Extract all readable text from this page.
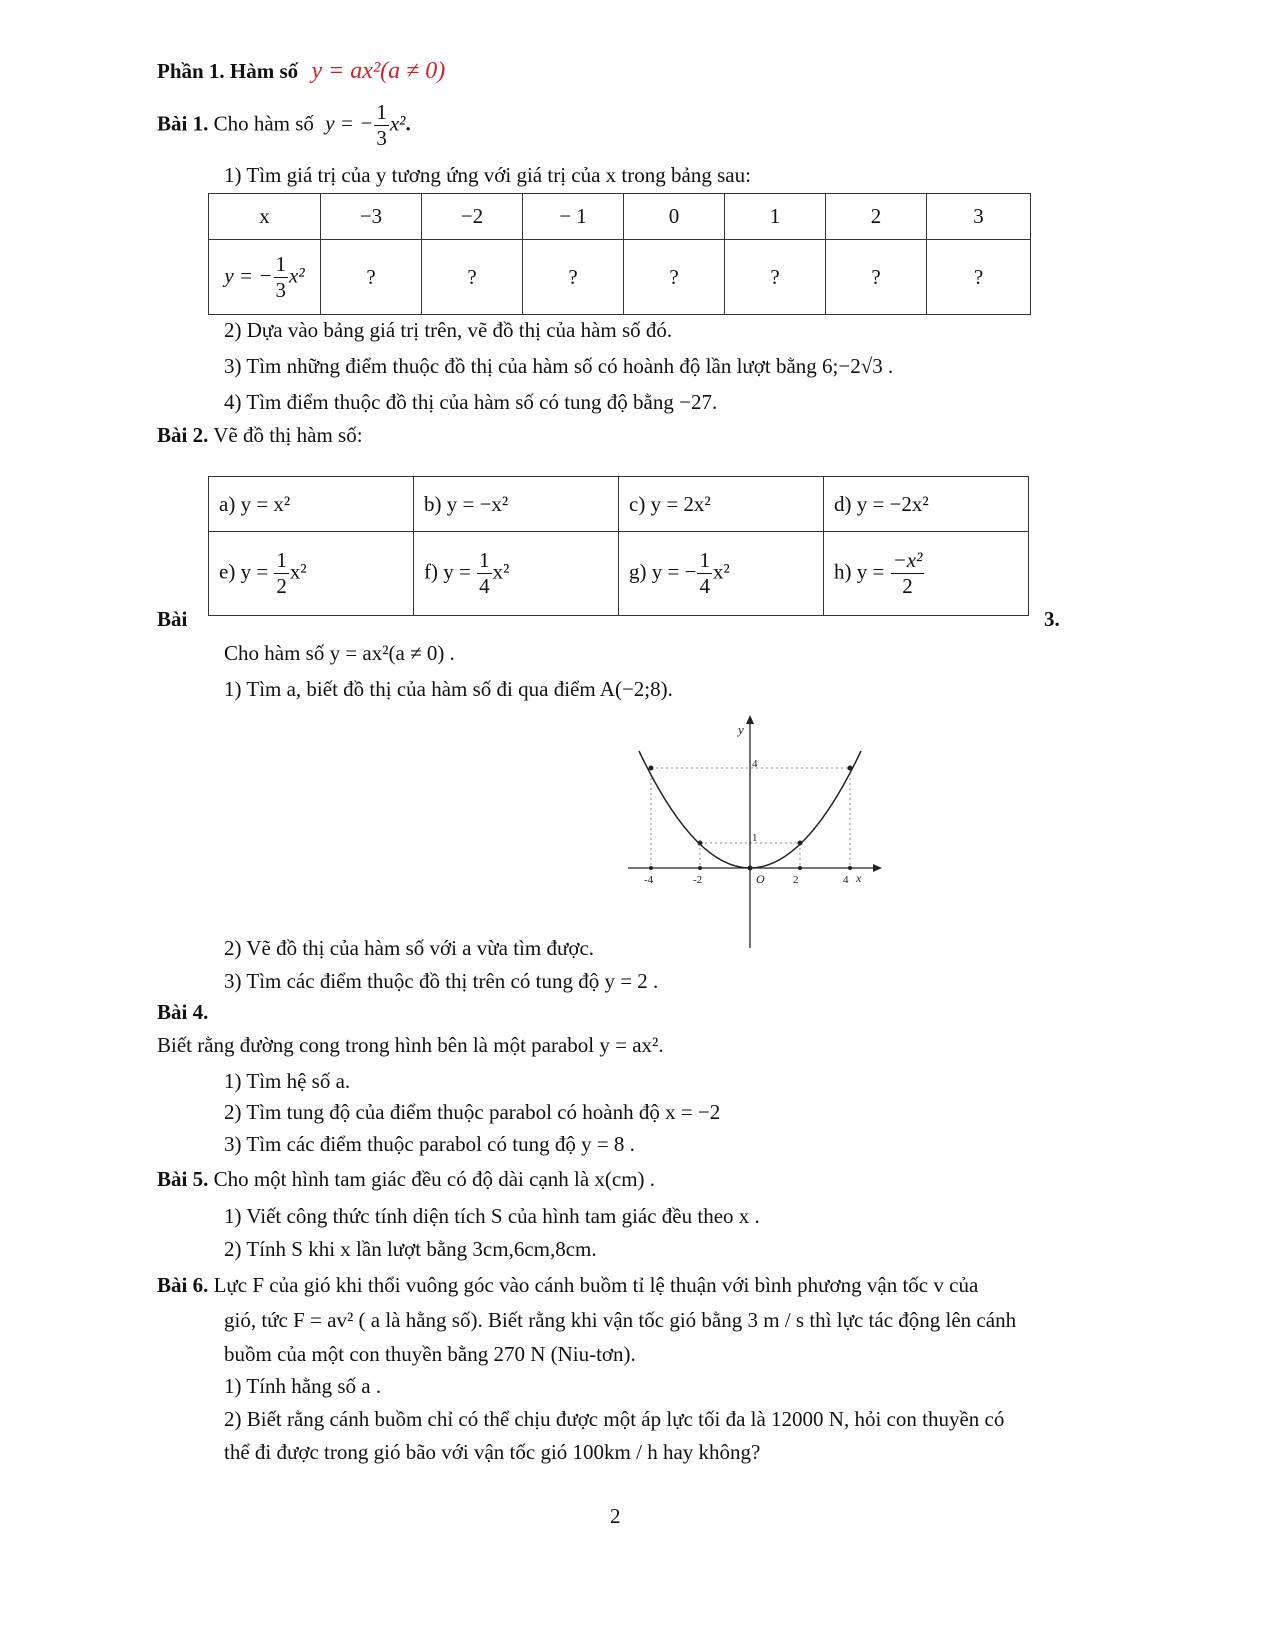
Phần 1. Hàm số y = ax²(a ≠ 0)
Bài 1. Cho hàm số y = − $\frac{1}{3} x^2$.
1) Tìm giá trị của y tương ứng với giá trị của x trong bảng sau:
x	−3	−2	− 1	0	1	2	3
y = − $\frac{1}{3} x^2$	?	?	?	?	?	?	?
2) Dựa vào bảng giá trị trên, vẽ đồ thị của hàm số đó.
3) Tìm những điểm thuộc đồ thị của hàm số có hoành độ lần lượt bằng 6;−2√3 .
4) Tìm điểm thuộc đồ thị của hàm số có tung độ bằng −27.
Bài 2. Vẽ đồ thị hàm số:
a) y = x²	b) y = −x²	c) y = 2x²	d) y = −2x²
e) $y = \frac{1}{2} x^2$	f) $y = \frac{1}{4} x^2$	g) y = − $\frac{1}{4} x^2$	h) $y = \frac{\text{−x²}}{2}$
Bài	3.
Cho hàm số y = ax²(a ≠ 0) .
1) Tìm a, biết đồ thị của hàm số đi qua điểm A(−2;8).
y
x
O
-4	-2	2	4
1
4
2) Vẽ đồ thị của hàm số với a vừa tìm được.
3) Tìm các điểm thuộc đồ thị trên có tung độ y = 2 .
Bài 4.
Biết rằng đường cong trong hình bên là một parabol y = ax².
1) Tìm hệ số a.
2) Tìm tung độ của điểm thuộc parabol có hoành độ x = −2
3) Tìm các điểm thuộc parabol có tung độ y = 8 .
Bài 5. Cho một hình tam giác đều có độ dài cạnh là x(cm) .
1) Viết công thức tính diện tích S của hình tam giác đều theo x .
2) Tính S khi x lần lượt bằng 3cm,6cm,8cm.
Bài 6. Lực F của gió khi thổi vuông góc vào cánh buồm tỉ lệ thuận với bình phương vận tốc v của
gió, tức F = av² ( a là hằng số). Biết rằng khi vận tốc gió bằng 3 m / s thì lực tác động lên cánh
buồm của một con thuyền bằng 270 N (Niu-tơn).
1) Tính hằng số a .
2) Biết rằng cánh buồm chỉ có thể chịu được một áp lực tối đa là 12000 N, hỏi con thuyền có
thể đi được trong gió bão với vận tốc gió 100km / h hay không?
2
